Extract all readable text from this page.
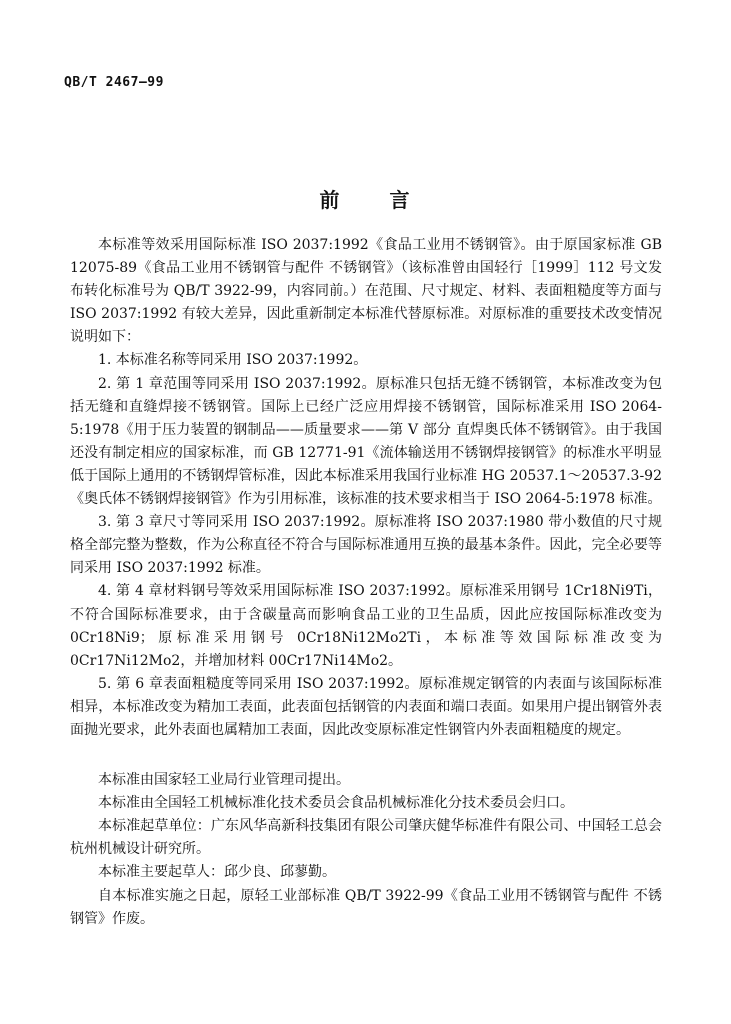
QB/T 2467—99
前 言

本标准等效采用国际标准 ISO 2037:1992《食品工业用不锈钢管》。由于原国家标准 GB 12075-89《食品工业用不锈钢管与配件 不锈钢管》（该标准曾由国轻行［1999］112 号文发布转化标准号为 QB/T 3922-99，内容同前。）在范围、尺寸规定、材料、表面粗糙度等方面与 ISO 2037:1992 有较大差异，因此重新制定本标准代替原标准。对原标准的重要技术改变情况说明如下：

1. 本标准名称等同采用 ISO 2037:1992。

2. 第 1 章范围等同采用 ISO 2037:1992。原标准只包括无缝不锈钢管，本标准改变为包括无缝和直缝焊接不锈钢管。国际上已经广泛应用焊接不锈钢管，国际标准采用 ISO 2064-5:1978《用于压力装置的钢制品——质量要求——第 V 部分 直焊奥氏体不锈钢管》。由于我国还没有制定相应的国家标准，而 GB 12771-91《流体输送用不锈钢焊接钢管》的标准水平明显低于国际上通用的不锈钢焊管标准，因此本标准采用我国行业标准 HG 20537.1～20537.3-92《奥氏体不锈钢焊接钢管》作为引用标准，该标准的技术要求相当于 ISO 2064-5:1978 标准。

3. 第 3 章尺寸等同采用 ISO 2037:1992。原标准将 ISO 2037:1980 带小数值的尺寸规格全部完整为整数，作为公称直径不符合与国际标准通用互换的最基本条件。因此，完全必要等同采用 ISO 2037:1992 标准。

4. 第 4 章材料钢号等效采用国际标准 ISO 2037:1992。原标准采用钢号 1Cr18Ni9Ti，不符合国际标准要求，由于含碳量高而影响食品工业的卫生品质，因此应按国际标准改变为 0Cr18Ni9；原标准采用钢号 0Cr18Ni12Mo2Ti，本标准等效国际标准改变为 0Cr17Ni12Mo2，并增加材料 00Cr17Ni14Mo2。

5. 第 6 章表面粗糙度等同采用 ISO 2037:1992。原标准规定钢管的内表面与该国际标准相异，本标准改变为精加工表面，此表面包括钢管的内表面和端口表面。如果用户提出钢管外表面抛光要求，此外表面也属精加工表面，因此改变原标准定性钢管内外表面粗糙度的规定。

本标准由国家轻工业局行业管理司提出。

本标准由全国轻工机械标准化技术委员会食品机械标准化分技术委员会归口。

本标准起草单位：广东风华高新科技集团有限公司肇庆健华标准件有限公司、中国轻工总会杭州机械设计研究所。

本标准主要起草人：邱少良、邱蓼勤。

自本标准实施之日起，原轻工业部标准 QB/T 3922-99《食品工业用不锈钢管与配件 不锈钢管》作废。
